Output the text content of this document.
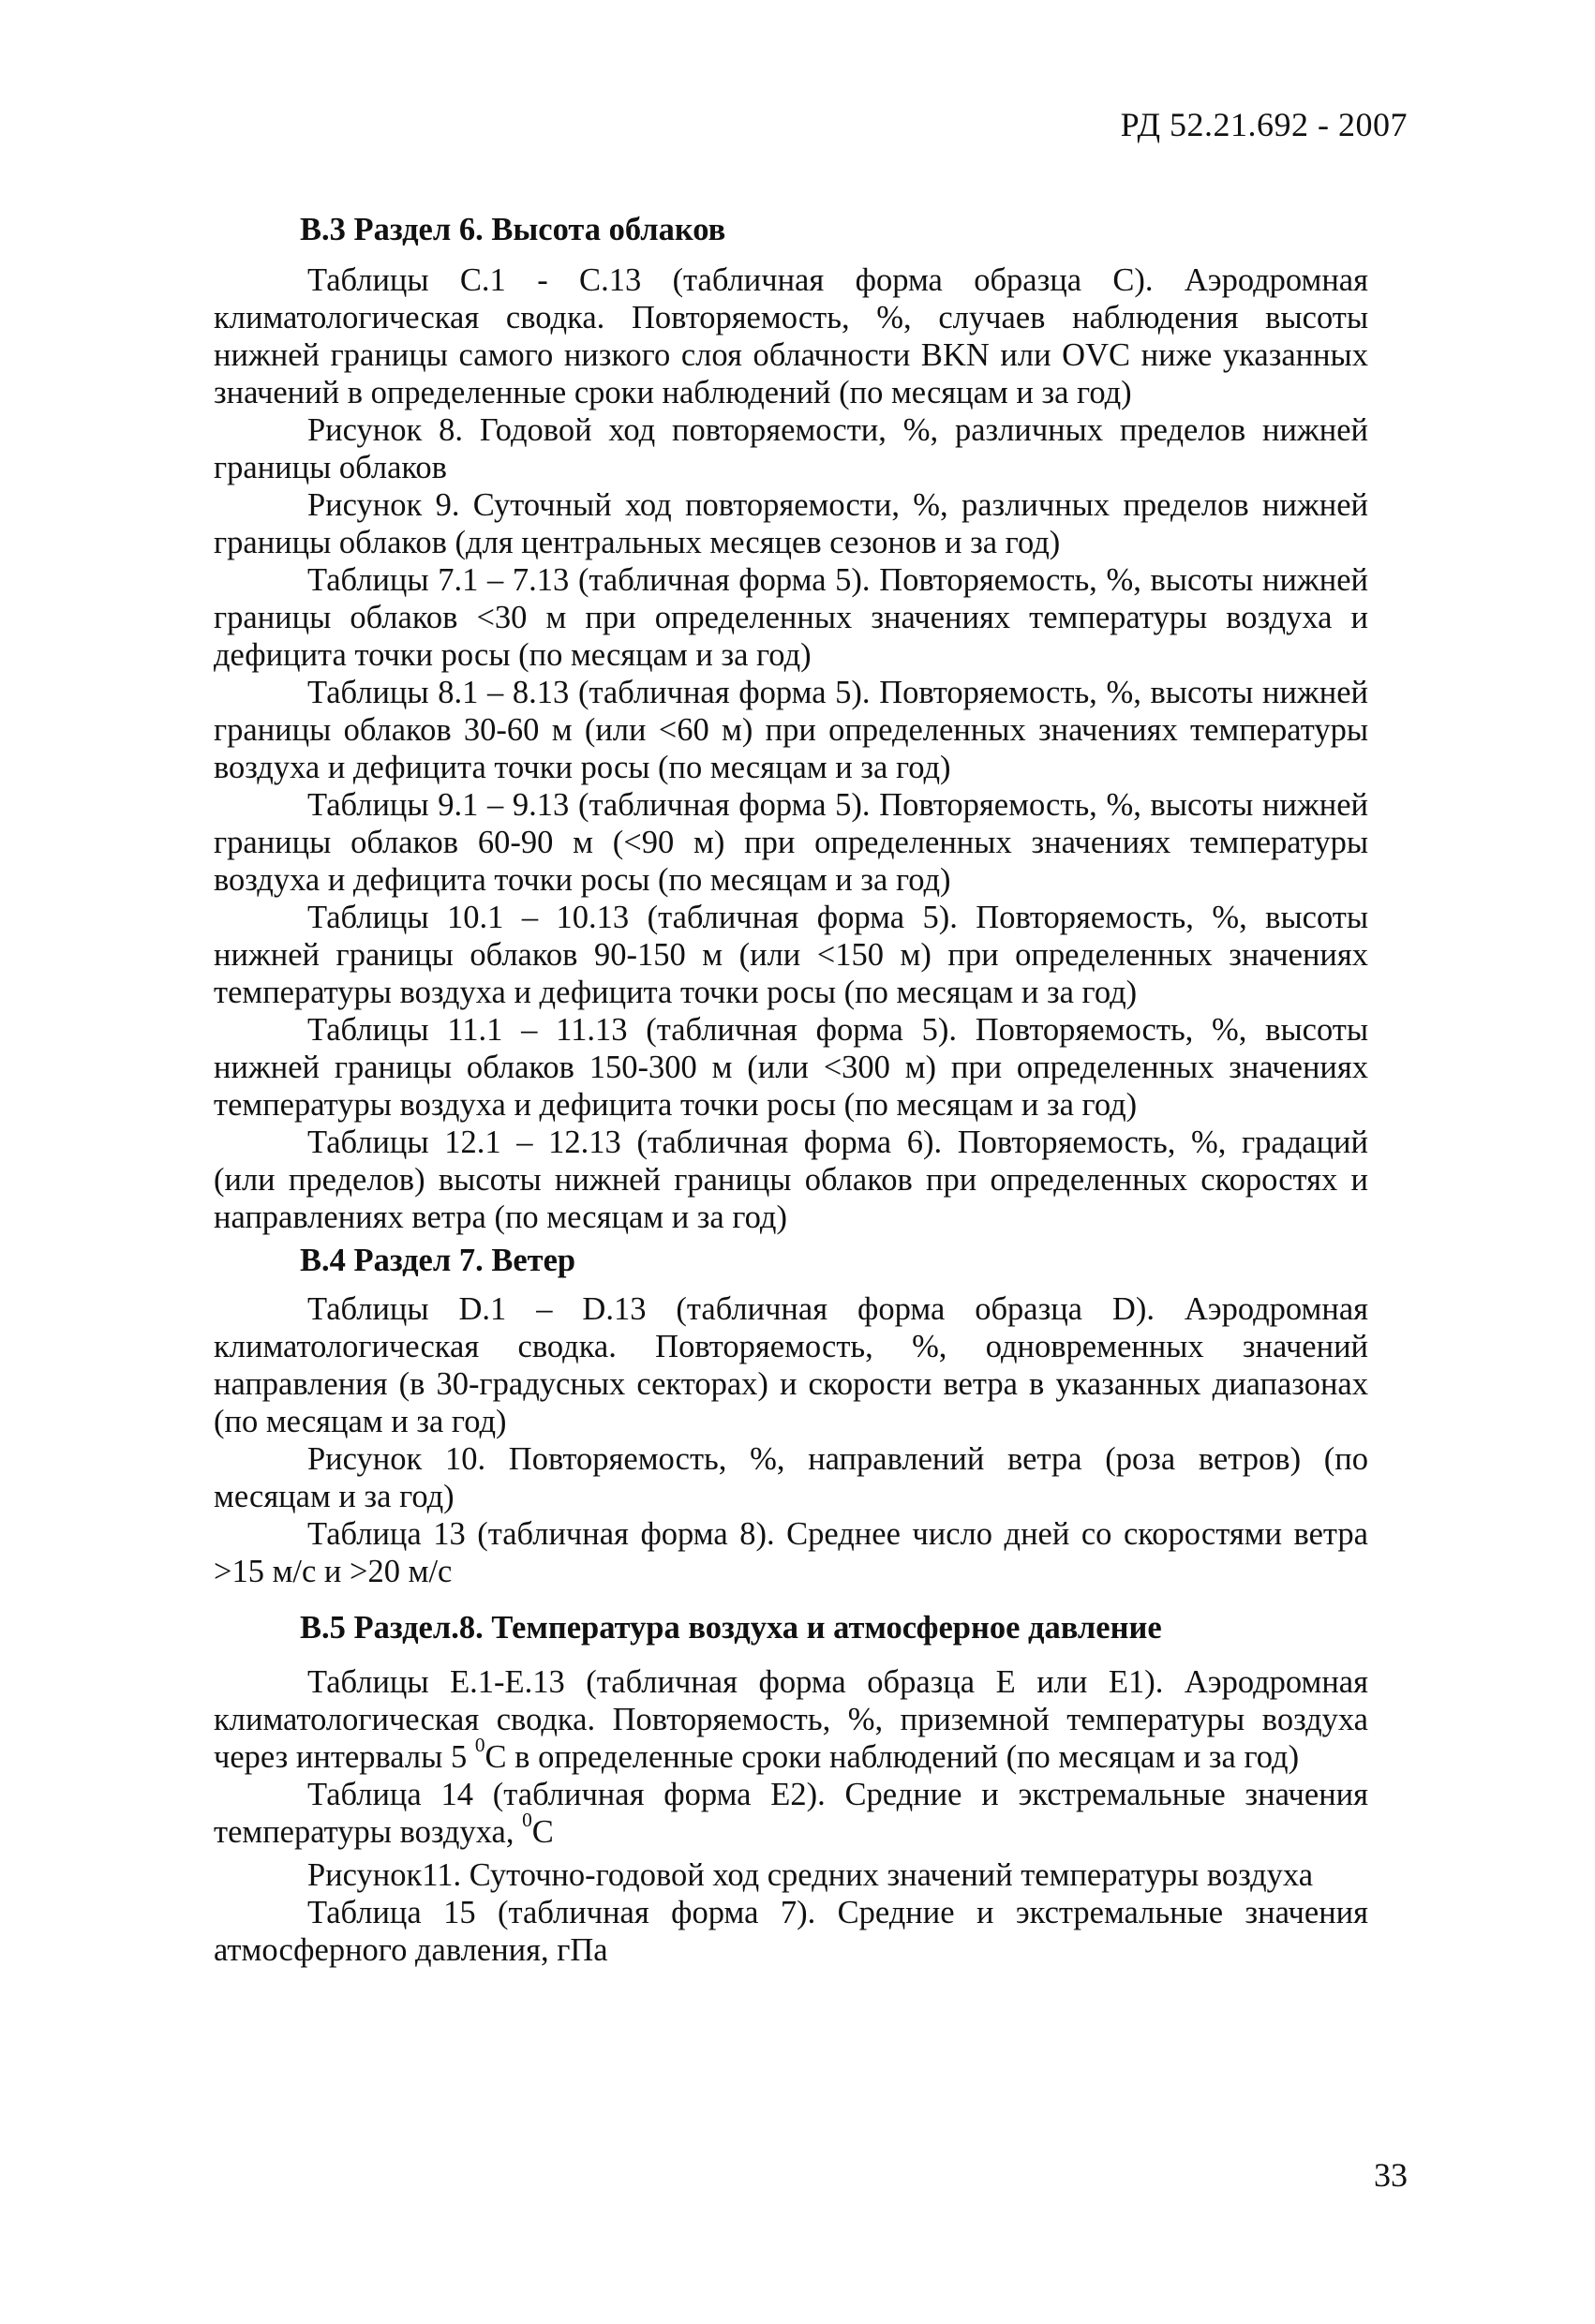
РД 52.21.692 - 2007

В.3 Раздел 6. Высота облаков

Таблицы С.1 - С.13 (табличная форма образца С). Аэродромная климатологическая сводка. Повторяемость, %, случаев наблюдения высоты нижней границы самого низкого слоя облачности BKN или OVC ниже указанных значений в определенные сроки наблюдений (по месяцам и за год)

Рисунок 8. Годовой ход повторяемости, %, различных пределов нижней границы облаков

Рисунок 9. Суточный ход повторяемости, %, различных пределов нижней границы облаков (для центральных месяцев сезонов и за год)

Таблицы 7.1 – 7.13 (табличная форма 5). Повторяемость, %, высоты нижней границы облаков <30 м при определенных значениях температуры воздуха и дефицита точки росы (по месяцам и за год)

Таблицы 8.1 – 8.13 (табличная форма 5). Повторяемость, %, высоты нижней границы облаков 30-60 м (или <60 м) при определенных значениях температуры воздуха и дефицита точки росы (по месяцам и за год)

Таблицы 9.1 – 9.13 (табличная форма 5). Повторяемость, %, высоты нижней границы облаков 60-90 м (<90 м) при определенных значениях температуры воздуха и дефицита точки росы (по месяцам и за год)

Таблицы 10.1 – 10.13 (табличная форма 5). Повторяемость, %, высоты нижней границы облаков 90-150 м (или <150 м) при определенных значениях температуры воздуха и дефицита точки росы (по месяцам и за год)

Таблицы 11.1 – 11.13 (табличная форма 5). Повторяемость, %, высоты нижней границы облаков 150-300 м (или <300 м) при определенных значениях температуры воздуха и дефицита точки росы (по месяцам и за год)

Таблицы 12.1 – 12.13 (табличная форма 6). Повторяемость, %, градаций (или пределов) высоты нижней границы облаков при определенных скоростях и направлениях ветра (по месяцам и за год)

В.4 Раздел 7. Ветер

Таблицы D.1 – D.13 (табличная форма образца D). Аэродромная климатологическая сводка. Повторяемость, %, одновременных значений направления (в 30-градусных секторах) и скорости ветра в указанных диапазонах (по месяцам и за год)

Рисунок 10. Повторяемость, %, направлений ветра (роза ветров) (по месяцам и за год)

Таблица 13 (табличная форма 8). Среднее число дней со скоростями ветра >15 м/с и >20 м/с

В.5 Раздел.8. Температура воздуха и атмосферное давление

Таблицы Е.1-Е.13 (табличная форма образца Е или Е1). Аэродромная климатологическая сводка. Повторяемость, %, приземной температуры воздуха через интервалы 5 $^0$С в определенные сроки наблюдений (по месяцам и за год)

Таблица 14 (табличная форма Е2). Средние и экстремальные значения температуры воздуха, $^0$С

Рисунок11. Суточно-годовой ход средних значений температуры воздуха

Таблица 15 (табличная форма 7). Средние и экстремальные значения атмосферного давления, гПа

33
